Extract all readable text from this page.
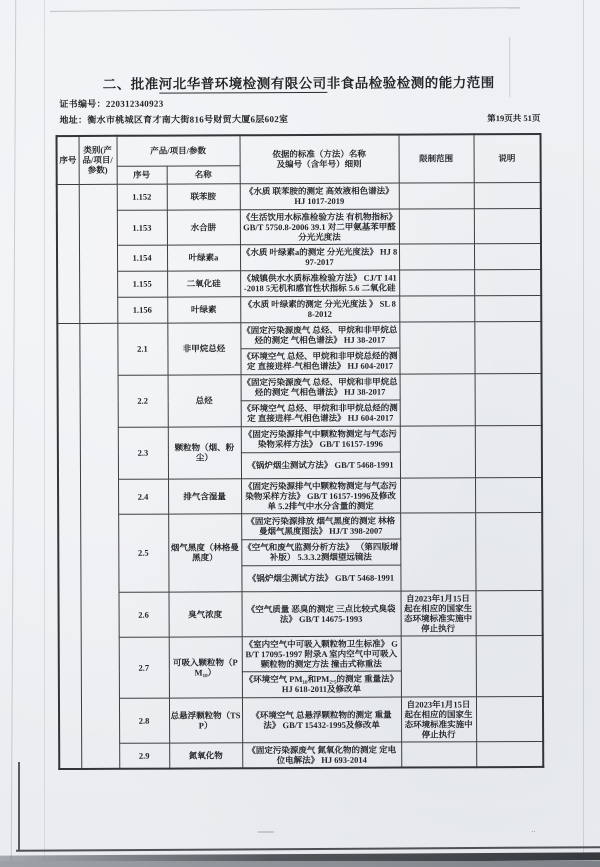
二、批准河北华普环境检测有限公司非食品检验检测的能力范围
证书编号：220312340923
地址：衡水市桃城区育才南大街816号财贸大厦6层602室	第19页共 51页
序号	类别(产品/项目/参数)	产品/项目/参数		依据的标准（方法）名称
及编号（含年号）细则	限制范围	说明
		序号	名称			
		1.152	联苯胺	《水质 联苯胺的测定 高效液相色谱法》 HJ 1017-2019		
		1.153	水合肼	《生活饮用水标准检验方法 有机物指标》 GB/T 5750.8-2006 39.1 对二甲氨基苯甲醛分光光度法		
		1.154	叶绿素a	《水质 叶绿素a的测定 分光光度法》 HJ 897-2017		
		1.155	二氧化硅	《城镇供水水质标准检验方法》 CJ/T 141-2018 5无机和感官性状指标 5.6 二氧化硅		
		1.156	叶绿素	《水质 叶绿素的测定 分光光度法 》 SL 88-2012		
		2.1	非甲烷总烃	《固定污染源废气 总烃、甲烷和非甲烷总烃的测定 气相色谱法》 HJ 38-2017		
				《环境空气 总烃、甲烷和非甲烷总烃的测定 直接进样-气相色谱法》 HJ 604-2017		
		2.2	总烃	《固定污染源废气 总烃、甲烷和非甲烷总烃的测定 气相色谱法》 HJ 38-2017		
				《环境空气 总烃、甲烷和非甲烷总烃的测定 直接进样-气相色谱法》 HJ 604-2017		
		2.3	颗粒物（烟、粉尘）	《固定污染源排气中颗粒物测定与气态污染物采样方法》 GB/T 16157-1996		
				《锅炉烟尘测试方法》 GB/T 5468-1991		
		2.4	排气含湿量	《固定污染源排气中颗粒物测定与气态污染物采样方法》 GB/T 16157-1996及修改单 5.2排气中水分含量的测定		
		2.5	烟气黑度（林格曼黑度）	《固定污染源排放 烟气黑度的测定 林格曼烟气黑度图法》 HJ/T 398-2007		
				《空气和废气监测分析方法》 （第四版增补版） 5.3.3.2测烟望远镜法		
				《锅炉烟尘测试方法》 GB/T 5468-1991		
		2.6	臭气浓度	《空气质量 恶臭的测定 三点比较式臭袋法》 GB/T 14675-1993	自2023年1月15日起在相应的国家生态环境标准实施中停止执行	
		2.7	可吸入颗粒物（PM₁₀）	《室内空气中可吸入颗粒物卫生标准》 GB/T 17095-1997 附录A 室内空气中可吸入颗粒物的测定方法 撞击式称重法		
				《环境空气 PM₁₀和PM₂.₅的测定 重量法》 HJ 618-2011及修改单		
		2.8	总悬浮颗粒物（TSP）	《环境空气 总悬浮颗粒物的测定 重量法》 GB/T 15432-1995及修改单	自2023年1月15日起在相应的国家生态环境标准实施中停止执行	
		2.9	氮氧化物	《固定污染源废气 氮氧化物的测定 定电位电解法》 HJ 693-2014		
‥
